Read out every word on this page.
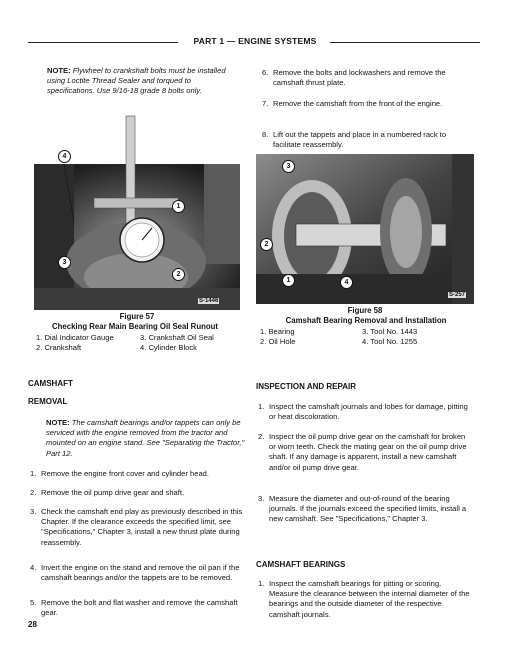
PART 1 — ENGINE SYSTEMS
NOTE: Flywheel to crankshaft bolts must be installed using Loctite Thread Sealer and torqued to specifications. Use 9/16-18 grade 8 bolts only.
6. Remove the bolts and lockwashers and remove the camshaft thrust plate.
7. Remove the camshaft from the front of the engine.
8. Lift out the tappets and place in a numbered rack to facilitate reassembly.
4
1
3
2
S-1446
3
2
1	4
S-257
Figure 57
Checking Rear Main Bearing Oil Seal Runout
1. Dial Indicator Gauge	3. Crankshaft Oil Seal
2. Crankshaft	4. Cylinder Block
Figure 58
Camshaft Bearing Removal and Installation
1. Bearing	3. Tool No. 1443
2. Oil Hole	4. Tool No. 1255
CAMSHAFT
REMOVAL
NOTE: The camshaft bearings and/or tappets can only be serviced with the engine removed from the tractor and mounted on an engine stand. See "Separating the Tractor," Part 12.
1. Remove the engine front cover and cylinder head.
2. Remove the oil pump drive gear and shaft.
3. Check the camshaft end play as previously described in this Chapter. If the clearance exceeds the specified limit, see "Specifications," Chapter 3, install a new thrust plate during reassembly.
4. Invert the engine on the stand and remove the oil pan if the camshaft bearings and/or the tappets are to be removed.
5. Remove the bolt and flat washer and remove the camshaft gear.
INSPECTION AND REPAIR
1. Inspect the camshaft journals and lobes for damage, pitting or heat discoloration.
2. Inspect the oil pump drive gear on the camshaft for broken or worn teeth. Check the mating gear on the oil pump drive shaft. If any damage is apparent, install a new camshaft and/or oil pump drive gear.
3. Measure the diameter and out-of-round of the bearing journals. If the journals exceed the specified limits, install a new camshaft. See "Specifications," Chapter 3.
CAMSHAFT BEARINGS
1. Inspect the camshaft bearings for pitting or scoring. Measure the clearance between the internal diameter of the bearings and the outside diameter of the respective camshaft journals.
28
